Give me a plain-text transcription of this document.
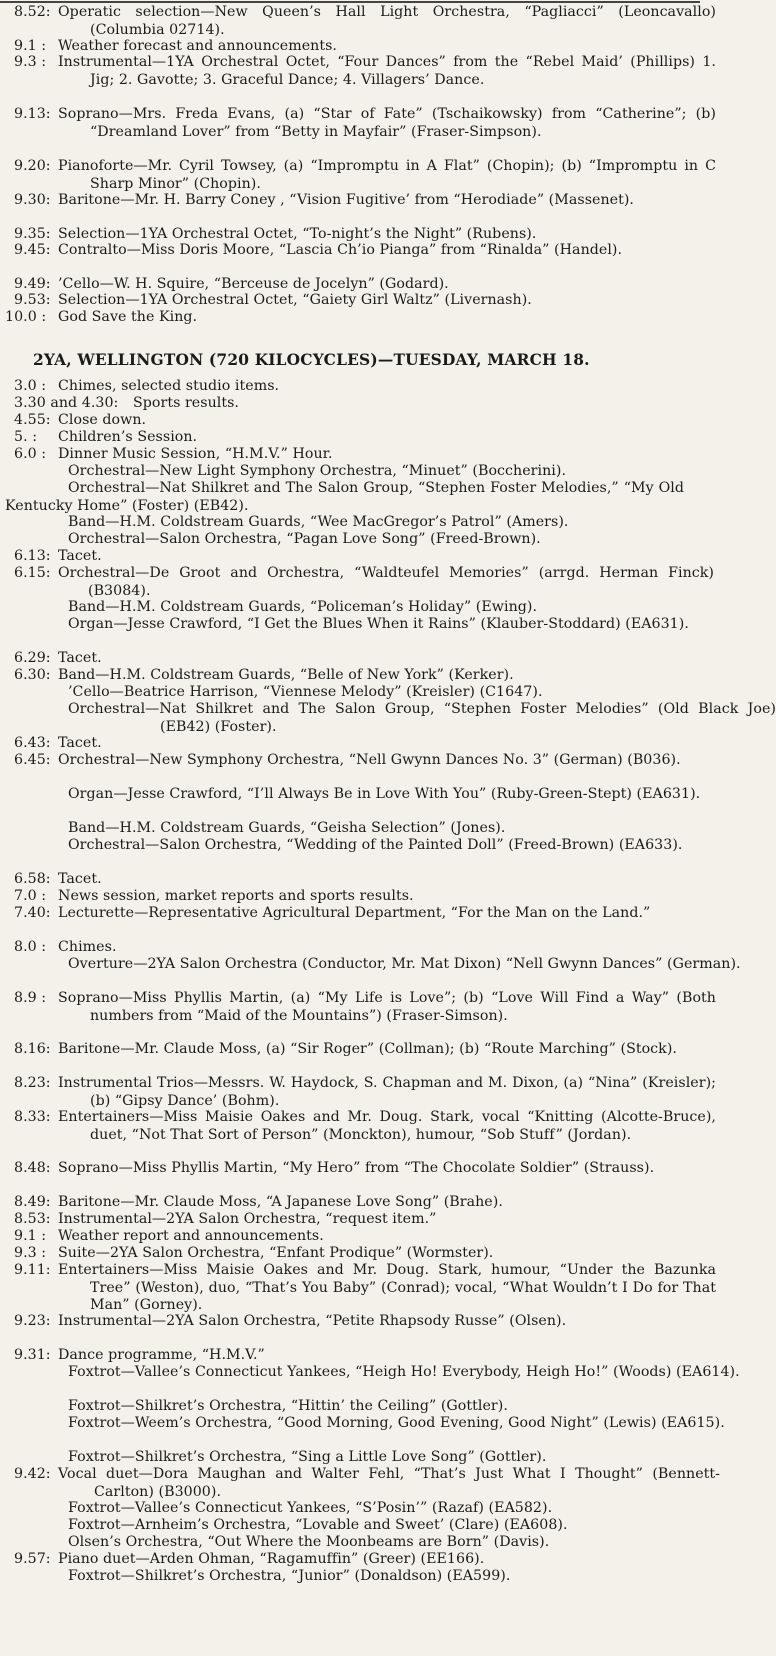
8.52: Operatic selection—New Queen’s Hall Light Orchestra, “Pagliacci” (Leoncavallo) (Columbia 02714).
9.1 : Weather forecast and announcements.
9.3 : Instrumental—1YA Orchestral Octet, “Four Dances” from the “Rebel Maid’ (Phillips) 1. Jig; 2. Gavotte; 3. Graceful Dance; 4. Villagers’ Dance.
9.13: Soprano—Mrs. Freda Evans, (a) “Star of Fate” (Tschaikowsky) from “Catherine”; (b) “Dreamland Lover” from “Betty in Mayfair” (Fraser-Simpson).
9.20: Pianoforte—Mr. Cyril Towsey, (a) “Impromptu in A Flat” (Chopin); (b) “Impromptu in C Sharp Minor” (Chopin).
9.30: Baritone—Mr. H. Barry Coney , “Vision Fugitive’ from “Herodiade” (Massenet).
9.35: Selection—1YA Orchestral Octet, “To-night’s the Night” (Rubens).
9.45: Contralto—Miss Doris Moore, “Lascia Ch’io Pianga” from “Rinalda” (Handel).
9.49: ’Cello—W. H. Squire, “Berceuse de Jocelyn” (Godard).
9.53: Selection—1YA Orchestral Octet, “Gaiety Girl Waltz” (Livernash).
10.0 : God Save the King.
2YA, WELLINGTON (720 KILOCYCLES)—TUESDAY, MARCH 18.
3.0 : Chimes, selected studio items.
3.30 and 4.30: Sports results.
4.55: Close down.
5. : Children’s Session.
6.0 : Dinner Music Session, “H.M.V.” Hour.
Orchestral—New Light Symphony Orchestra, “Minuet” (Boccherini).
Orchestral—Nat Shilkret and The Salon Group, “Stephen Foster Melodies,” “My Old Kentucky Home” (Foster) (EB42).
Band—H.M. Coldstream Guards, “Wee MacGregor’s Patrol” (Amers).
Orchestral—Salon Orchestra, “Pagan Love Song” (Freed-Brown).
6.13: Tacet.
6.15: Orchestral—De Groot and Orchestra, “Waldteufel Memories” (arrgd. Herman Finck) (B3084).
Band—H.M. Coldstream Guards, “Policeman’s Holiday” (Ewing).
Organ—Jesse Crawford, “I Get the Blues When it Rains” (Klauber-Stoddard) (EA631).
6.29: Tacet.
6.30: Band—H.M. Coldstream Guards, “Belle of New York” (Kerker).
’Cello—Beatrice Harrison, “Viennese Melody” (Kreisler) (C1647).
Orchestral—Nat Shilkret and The Salon Group, “Stephen Foster Melodies” (Old Black Joe) (EB42) (Foster).
6.43: Tacet.
6.45: Orchestral—New Symphony Orchestra, “Nell Gwynn Dances No. 3” (German) (B036).
Organ—Jesse Crawford, “I’ll Always Be in Love With You” (Ruby-Green-Stept) (EA631).
Band—H.M. Coldstream Guards, “Geisha Selection” (Jones).
Orchestral—Salon Orchestra, “Wedding of the Painted Doll” (Freed-Brown) (EA633).
6.58: Tacet.
7.0 : News session, market reports and sports results.
7.40: Lecturette—Representative Agricultural Department, “For the Man on the Land.”
8.0 : Chimes.
Overture—2YA Salon Orchestra (Conductor, Mr. Mat Dixon) “Nell Gwynn Dances” (German).
8.9 : Soprano—Miss Phyllis Martin, (a) “My Life is Love”; (b) “Love Will Find a Way” (Both numbers from “Maid of the Mountains”) (Fraser-Simson).
8.16: Baritone—Mr. Claude Moss, (a) “Sir Roger” (Collman); (b) “Route Marching” (Stock).
8.23: Instrumental Trios—Messrs. W. Haydock, S. Chapman and M. Dixon, (a) “Nina” (Kreisler); (b) “Gipsy Dance’ (Bohm).
8.33: Entertainers—Miss Maisie Oakes and Mr. Doug. Stark, vocal “Knitting (Alcotte-Bruce), duet, “Not That Sort of Person” (Monckton), humour, “Sob Stuff” (Jordan).
8.48: Soprano—Miss Phyllis Martin, “My Hero” from “The Chocolate Soldier” (Strauss).
8.49: Baritone—Mr. Claude Moss, “A Japanese Love Song” (Brahe).
8.53: Instrumental—2YA Salon Orchestra, “request item.”
9.1 : Weather report and announcements.
9.3 : Suite—2YA Salon Orchestra, “Enfant Prodique” (Wormster).
9.11: Entertainers—Miss Maisie Oakes and Mr. Doug. Stark, humour, “Under the Bazunka Tree” (Weston), duo, “That’s You Baby” (Conrad); vocal, “What Wouldn’t I Do for That Man” (Gorney).
9.23: Instrumental—2YA Salon Orchestra, “Petite Rhapsody Russe” (Olsen).
9.31: Dance programme, “H.M.V.”
Foxtrot—Vallee’s Connecticut Yankees, “Heigh Ho! Everybody, Heigh Ho!” (Woods) (EA614).
Foxtrot—Shilkret’s Orchestra, “Hittin’ the Ceiling” (Gottler).
Foxtrot—Weem’s Orchestra, “Good Morning, Good Evening, Good Night” (Lewis) (EA615).
Foxtrot—Shilkret’s Orchestra, “Sing a Little Love Song” (Gottler).
9.42: Vocal duet—Dora Maughan and Walter Fehl, “That’s Just What I Thought” (Bennett-Carlton) (B3000).
Foxtrot—Vallee’s Connecticut Yankees, “S’Posin’” (Razaf) (EA582).
Foxtrot—Arnheim’s Orchestra, “Lovable and Sweet’ (Clare) (EA608).
Olsen’s Orchestra, “Out Where the Moonbeams are Born” (Davis).
9.57: Piano duet—Arden Ohman, “Ragamuffin” (Greer) (EE166).
Foxtrot—Shilkret’s Orchestra, “Junior” (Donaldson) (EA599).
